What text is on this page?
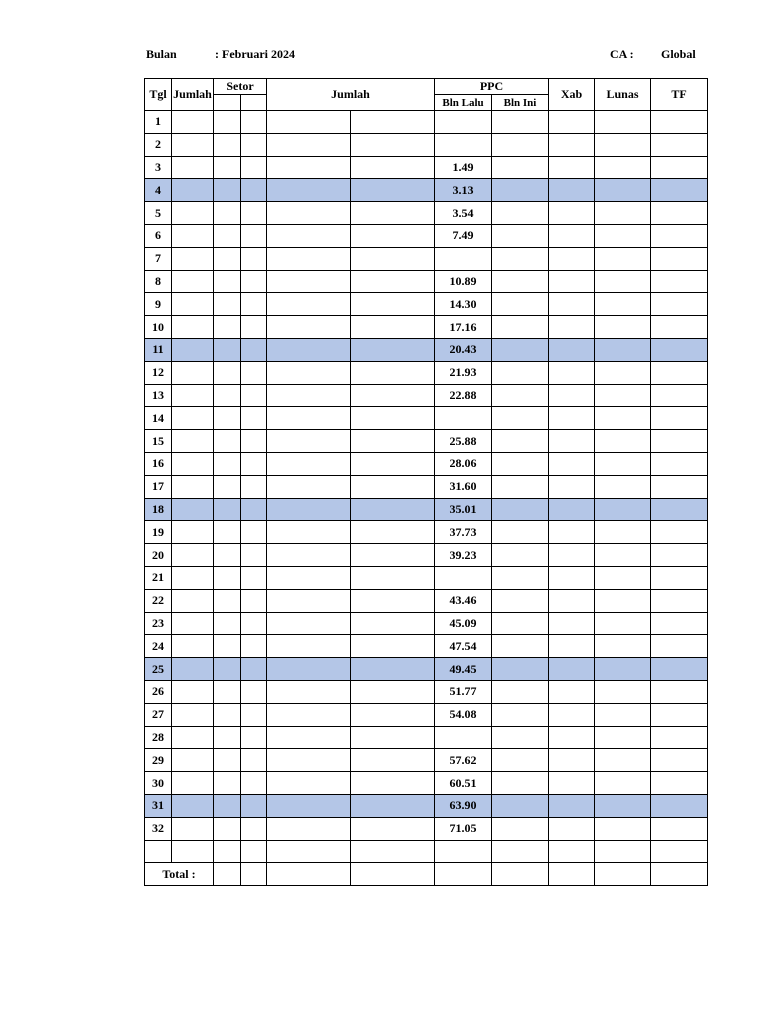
Bulan	: Februari 2024	CA : Global
Tgl	Jumlah	Setor		Jumlah		PPC		Xab	Lunas	TF
						Bln Lalu	Bln Ini			
1										
2										
3						1.49				
4						3.13				
5						3.54				
6						7.49				
7										
8						10.89				
9						14.30				
10						17.16				
11						20.43				
12						21.93				
13						22.88				
14										
15						25.88				
16						28.06				
17						31.60				
18						35.01				
19						37.73				
20						39.23				
21										
22						43.46				
23						45.09				
24						47.54				
25						49.45				
26						51.77				
27						54.08				
28										
29						57.62				
30						60.51				
31						63.90				
32						71.05				

Total :										
